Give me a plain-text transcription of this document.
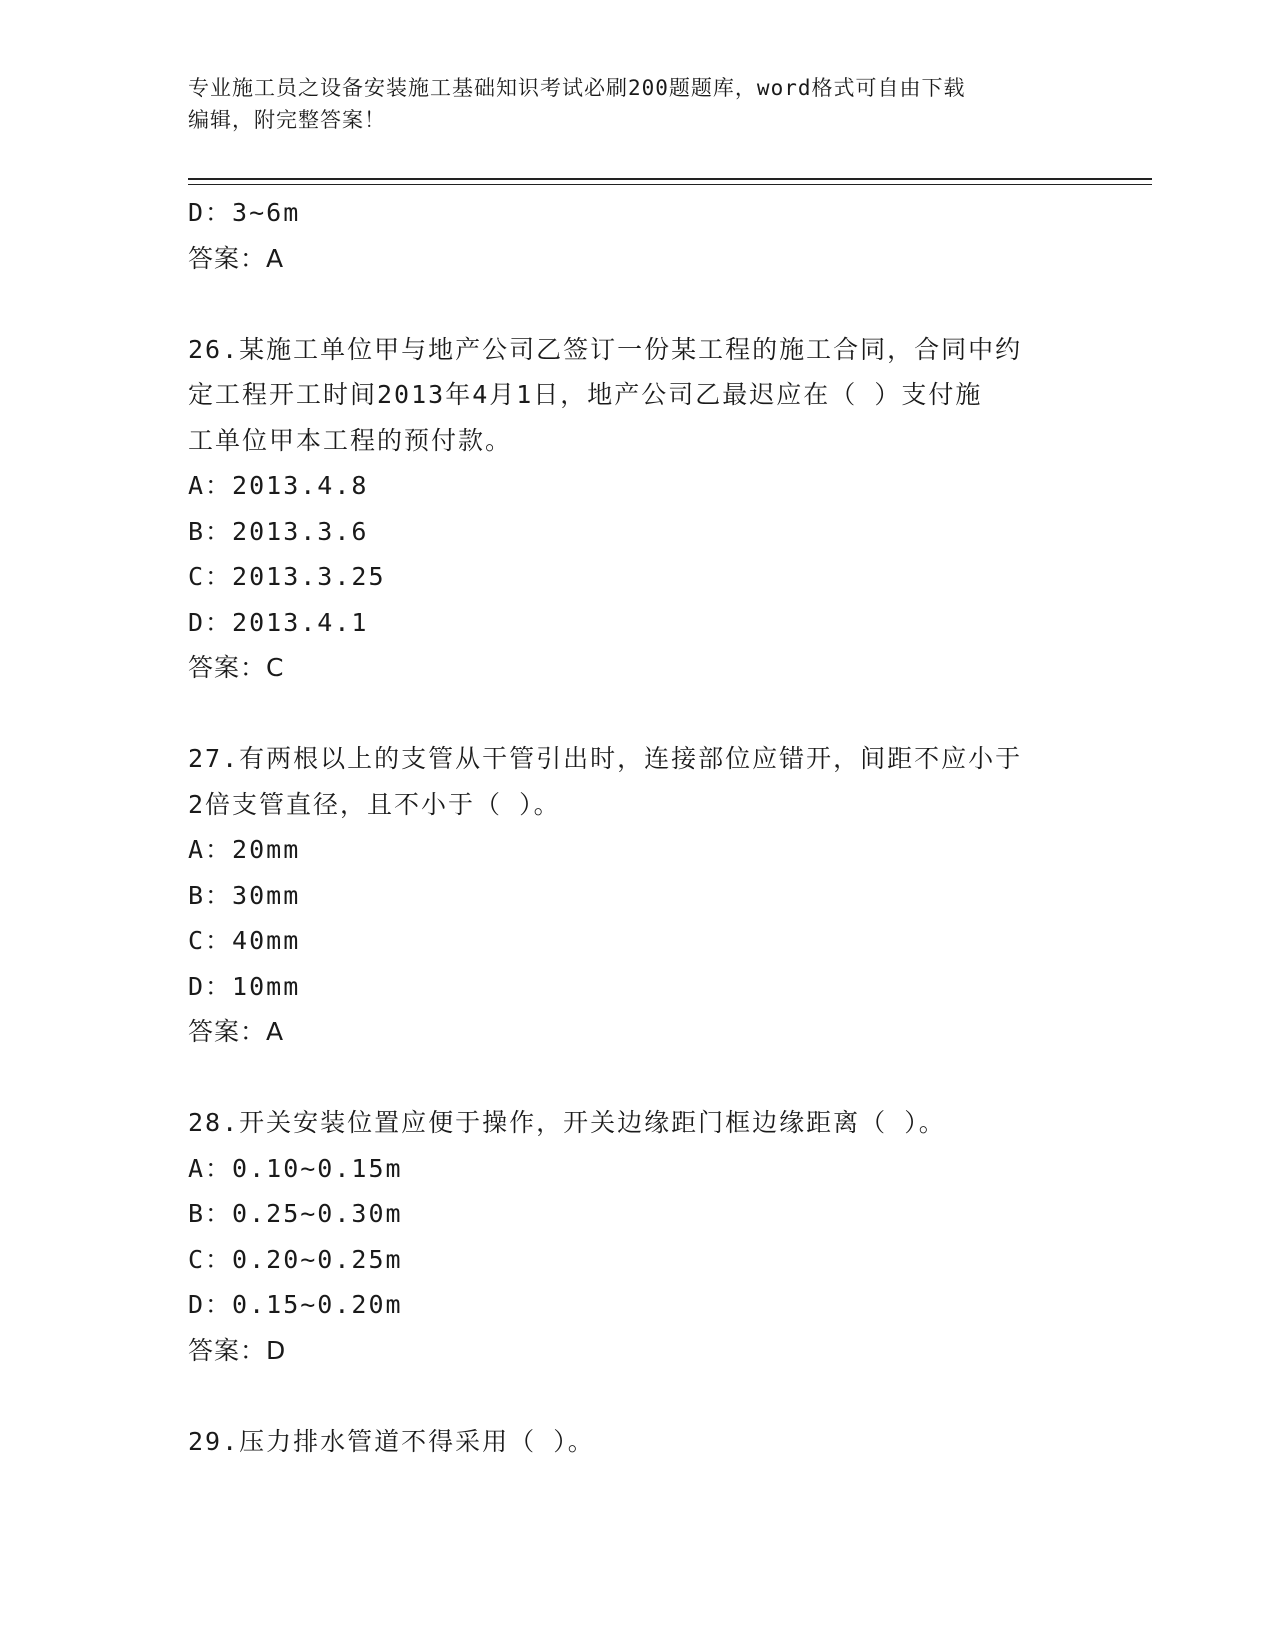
专业施工员之设备安装施工基础知识考试必刷200题题库，word格式可自由下载
编辑，附完整答案！
D：3~6m
答案：A
26.某施工单位甲与地产公司乙签订一份某工程的施工合同，合同中约
定工程开工时间2013年4月1日，地产公司乙最迟应在（ ）支付施
工单位甲本工程的预付款。
A：2013.4.8
B：2013.3.6
C：2013.3.25
D：2013.4.1
答案：C
27.有两根以上的支管从干管引出时，连接部位应错开，间距不应小于
2倍支管直径，且不小于（ ）。
A：20mm
B：30mm
C：40mm
D：10mm
答案：A
28.开关安装位置应便于操作，开关边缘距门框边缘距离（ ）。
A：0.10~0.15m
B：0.25~0.30m
C：0.20~0.25m
D：0.15~0.20m
答案：D
29.压力排水管道不得采用（ ）。
